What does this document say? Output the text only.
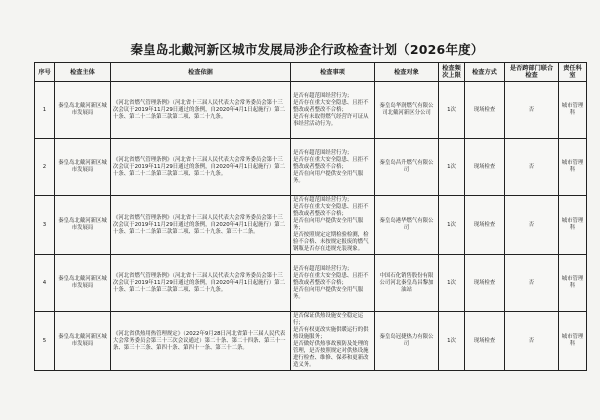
秦皇岛北戴河新区城市发展局涉企行政检查计划（2026年度）
序号	检查主体	检查依据	检查事项	检查对象	检查频次上限	检查方式	是否跨部门联合检查	责任科室
1	秦皇岛北戴河新区城市发展局	《河北省燃气管理条例》（河北省十三届人民代表大会常务委员会第十三次会议于2019年11月29日通过的条例，自2020年4月1日起施行）第二十条、第二十二条第三款第二项、第二十九条。	是否有超范围经营行为；
是否存在重大安全隐患、且拒不整改或者整改不合格；
是否有未取得燃气经营许可证从事经营活动行为。	秦皇岛华润燃气有限公司北戴河新区分公司	1次	现场检查	否	城市管理科
2	秦皇岛北戴河新区城市发展局	《河北省燃气管理条例》（河北省十三届人民代表大会常务委员会第十三次会议于2019年11月29日通过的条例，自2020年4月1日起施行）第二十条、第二十二条第三款第二项、第二十九条。	是否有超范围经营行为；
是否存在重大安全隐患、且拒不整改或者整改不合格；
是否在向用户提供安全用气服务。	秦皇岛昌升燃气有限公司	1次	现场检查	否	城市管理科
3	秦皇岛北戴河新区城市发展局	《河北省燃气管理条例》（河北省十三届人民代表大会常务委员会第十三次会议于2019年11月29日通过的条例，自2020年4月1日起施行）第二十条、第二十二条第三款第二项、第二十九条、第三十二条。	是否有超范围经营行为；
是否存在重大安全隐患、且拒不整改或者整改不合格；
是否在向用户提供安全用气服务；
是否按照规定定期检验检测，检验不合格、未按规定报废的燃气钢瓶是否存在违规充装现象。	秦皇岛港华燃气有限公司	1次	现场检查	否	城市管理科
4	秦皇岛北戴河新区城市发展局	《河北省燃气管理条例》（河北省十三届人民代表大会常务委员会第十三次会议于2019年11月29日通过的条例，自2020年4月1日起施行）第二十条、第二十二条第三款第二项、第二十九条。	是否有超范围经营行为；
是否存在重大安全隐患、且拒不整改或者整改不合格；
是否在向用户提供安全用气服务。	中国石化销售股份有限公司河北秦皇岛昌黎加油站	1次	现场检查	否	城市管理科
5	秦皇岛北戴河新区城市发展局	《河北省供热用热管理规定》（2022年9月28日河北省第十三届人民代表大会常务委员会第三十三次会议通过）第二十条、第二十四条、第三十一条、第三十三条、第四十条、第四十一条、第三十二条。	是否保证供热设施安全稳定运行；
是否有权更改实施供暖运行的供热设施服务；
是否做好供热事故预防及处理的管理，是否按照规定对供热设施进行检查、维修、保养和更新改造义务。	秦皇岛冠捷热力有限公司	1次	现场检查	否	城市管理科
